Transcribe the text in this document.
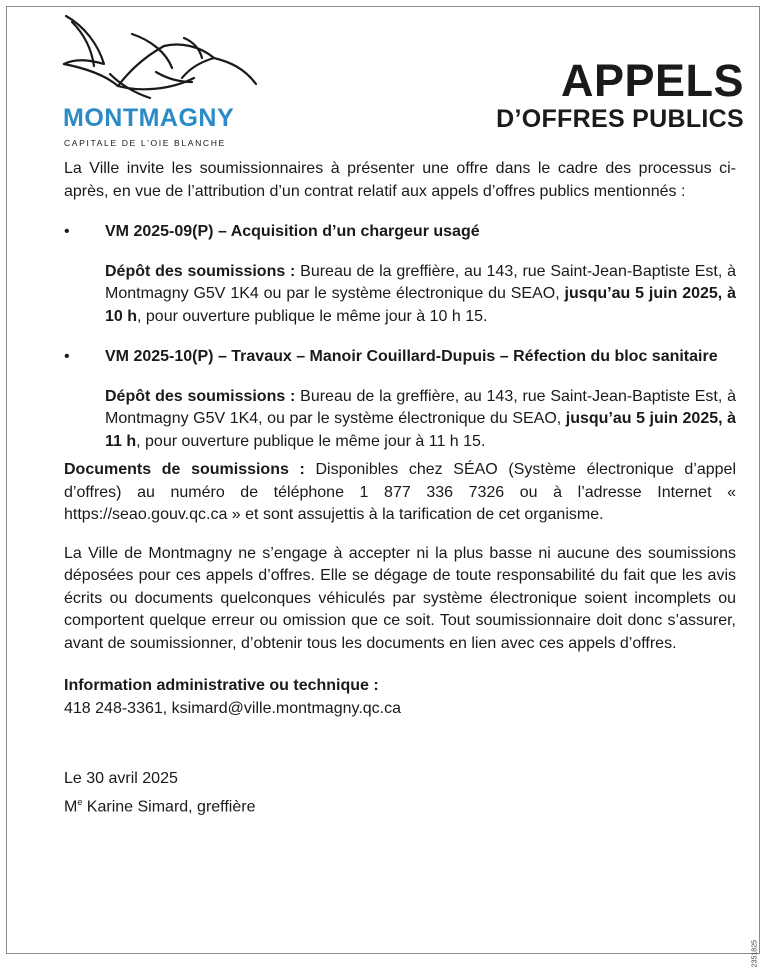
MONTMAGNY
CAPITALE DE L'OIE BLANCHE
APPELS
D’OFFRES PUBLICS

La Ville invite les soumissionnaires à présenter une offre dans le cadre des processus ci-après, en vue de l’attribution d’un contrat relatif aux appels d’offres publics mentionnés :

• VM 2025-09(P) – Acquisition d’un chargeur usagé

Dépôt des soumissions : Bureau de la greffière, au 143, rue Saint-Jean-Baptiste Est, à Montmagny G5V 1K4 ou par le système électronique du SEAO, jusqu’au 5 juin 2025, à 10 h, pour ouverture publique le même jour à 10 h 15.

• VM 2025-10(P) – Travaux – Manoir Couillard-Dupuis – Réfection du bloc sanitaire

Dépôt des soumissions : Bureau de la greffière, au 143, rue Saint-Jean-Baptiste Est, à Montmagny G5V 1K4, ou par le système électronique du SEAO, jusqu’au 5 juin 2025, à 11 h, pour ouverture publique le même jour à 11 h 15.

Documents de soumissions : Disponibles chez SÉAO (Système électronique d’appel d’offres) au numéro de téléphone 1 877 336 7326 ou à l’adresse Internet « https://seao.gouv.qc.ca » et sont assujettis à la tarification de cet organisme.

La Ville de Montmagny ne s’engage à accepter ni la plus basse ni aucune des soumissions déposées pour ces appels d’offres. Elle se dégage de toute responsabilité du fait que les avis écrits ou documents quelconques véhiculés par système électronique soient incomplets ou comportent quelque erreur ou omission que ce soit. Tout soumissionnaire doit donc s’assurer, avant de soumissionner, d’obtenir tous les documents en lien avec ces appels d’offres.

Information administrative ou technique :

418 248-3361, ksimard@ville.montmagny.qc.ca

Le 30 avril 2025

Me Karine Simard, greffière

2351825
